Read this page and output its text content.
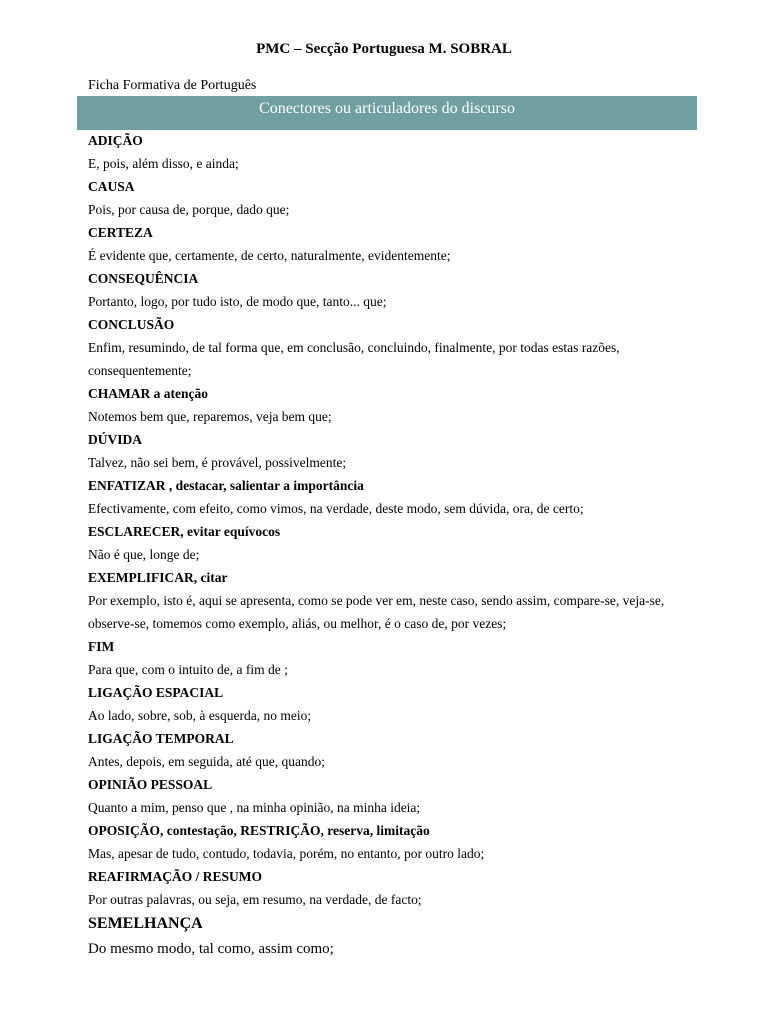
PMC – Secção Portuguesa M. SOBRAL
Ficha Formativa de Português
Conectores ou articuladores do discurso
ADIÇÃO
E, pois, além disso, e ainda;
CAUSA
Pois, por causa de, porque, dado que;
CERTEZA
É evidente que, certamente, de certo, naturalmente, evidentemente;
CONSEQUÊNCIA
Portanto, logo, por tudo isto, de modo que, tanto... que;
CONCLUSÃO
Enfim, resumindo, de tal forma que, em conclusão, concluindo, finalmente, por todas estas razões, consequentemente;
CHAMAR a atenção
Notemos bem que, reparemos, veja bem que;
DÚVIDA
Talvez, não sei bem, é provável, possivelmente;
ENFATIZAR , destacar, salientar a importância
Efectivamente, com efeito, como vimos, na verdade, deste modo, sem dúvida, ora, de certo;
ESCLARECER, evitar equívocos
Não é que, longe de;
EXEMPLIFICAR, citar
Por exemplo, isto é, aqui se apresenta, como se pode ver em, neste caso, sendo assim, compare-se, veja-se, observe-se, tomemos como exemplo, aliás, ou melhor, é o caso de, por vezes;
FIM
Para que, com o intuito de, a fim de ;
LIGAÇÃO ESPACIAL
Ao lado, sobre, sob, à esquerda, no meio;
LIGAÇÃO TEMPORAL
Antes, depois, em seguida, até que, quando;
OPINIÃO PESSOAL
Quanto a mim, penso que , na minha opinião, na minha ideia;
OPOSIÇÃO, contestação, RESTRIÇÃO, reserva, limitação
Mas, apesar de tudo, contudo, todavia, porém, no entanto, por outro lado;
REAFIRMAÇÃO / RESUMO
Por outras palavras, ou seja, em resumo, na verdade, de facto;
SEMELHANÇA
Do mesmo modo, tal como, assim como;
